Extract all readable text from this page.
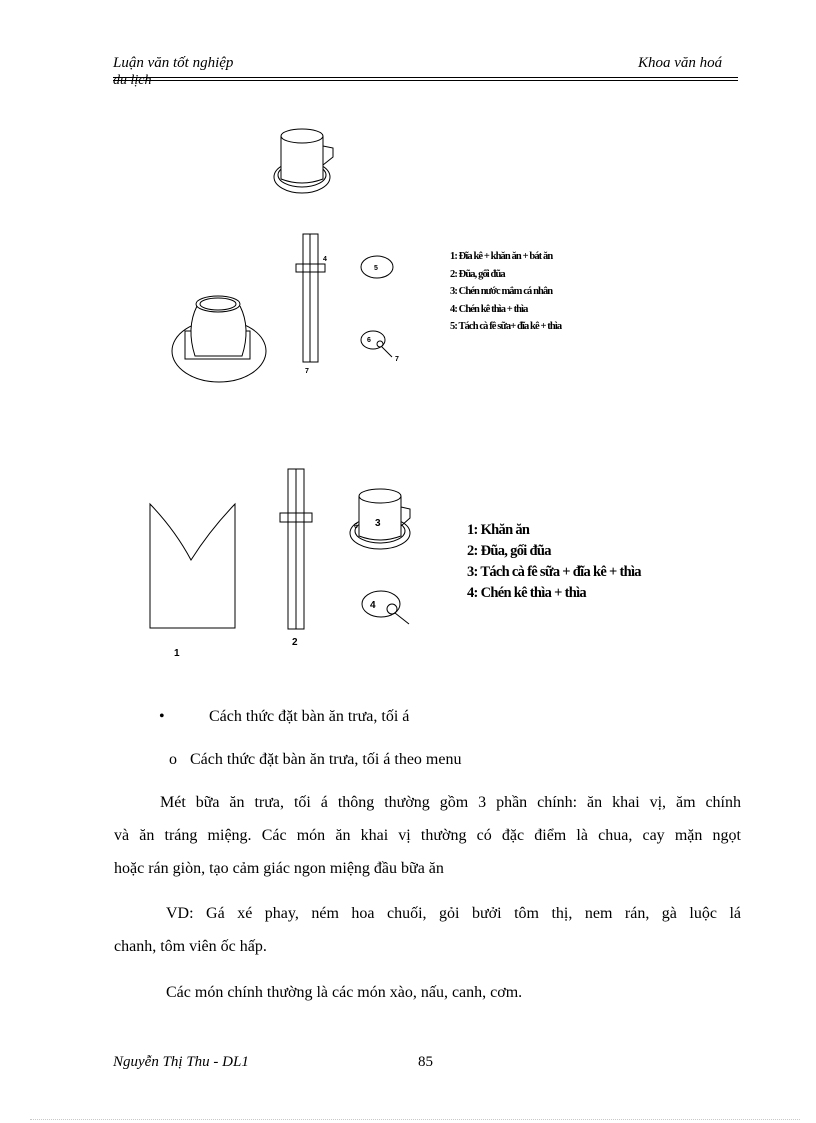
Luận văn tốt nghiệp
du lịch
Khoa văn hoá
4
5
6
7
7
1
2
3
6
4
1: Đĩa kê + khăn ăn + bát ăn
2: Đũa, gối đũa
3: Chén nước mắm cá nhân
4: Chén kê thìa + thìa
5: Tách cà fê sữa+ đĩa kê + thìa
1: Khăn ăn
2: Đũa, gối đũa
3: Tách cà fê sữa + đĩa kê + thìa
4: Chén kê thìa + thìa
•	Cách thức đặt bàn ăn trưa, tối á
o Cách thức đặt bàn ăn trưa, tối á theo menu
Mét bữa ăn trưa, tối á thông thường gồm 3 phần chính: ăn khai vị, ăm chính
và ăn tráng miệng. Các món ăn khai vị thường có đặc điểm là chua, cay mặn ngọt
hoặc rán giòn, tạo cảm giác ngon miệng đầu bữa ăn
VD: Gá xé phay, ném hoa chuối, gỏi bưởi tôm thị, nem rán, gà luộc lá
chanh, tôm viên ốc hấp.
Các món chính thường là các món xào, nấu, canh, cơm.
Nguyễn Thị Thu - DL1	85
